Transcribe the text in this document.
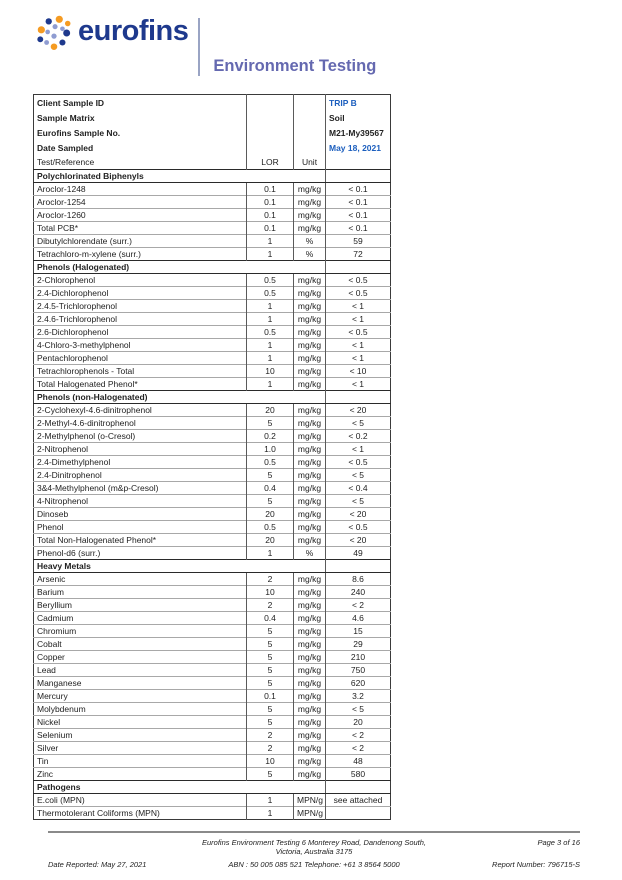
eurofins
Environment Testing
Client Sample ID			TRIP B
Sample Matrix			Soil
Eurofins Sample No.			M21-My39567
Date Sampled			May 18, 2021
Test/Reference	LOR	Unit	
Polychlorinated Biphenyls			
Aroclor-1248	0.1	mg/kg	< 0.1
Aroclor-1254	0.1	mg/kg	< 0.1
Aroclor-1260	0.1	mg/kg	< 0.1
Total PCB*	0.1	mg/kg	< 0.1
Dibutylchlorendate (surr.)	1	%	59
Tetrachloro-m-xylene (surr.)	1	%	72
Phenols (Halogenated)			
2-Chlorophenol	0.5	mg/kg	< 0.5
2.4-Dichlorophenol	0.5	mg/kg	< 0.5
2.4.5-Trichlorophenol	1	mg/kg	< 1
2.4.6-Trichlorophenol	1	mg/kg	< 1
2.6-Dichlorophenol	0.5	mg/kg	< 0.5
4-Chloro-3-methylphenol	1	mg/kg	< 1
Pentachlorophenol	1	mg/kg	< 1
Tetrachlorophenols - Total	10	mg/kg	< 10
Total Halogenated Phenol*	1	mg/kg	< 1
Phenols (non-Halogenated)			
2-Cyclohexyl-4.6-dinitrophenol	20	mg/kg	< 20
2-Methyl-4.6-dinitrophenol	5	mg/kg	< 5
2-Methylphenol (o-Cresol)	0.2	mg/kg	< 0.2
2-Nitrophenol	1.0	mg/kg	< 1
2.4-Dimethylphenol	0.5	mg/kg	< 0.5
2.4-Dinitrophenol	5	mg/kg	< 5
3&4-Methylphenol (m&p-Cresol)	0.4	mg/kg	< 0.4
4-Nitrophenol	5	mg/kg	< 5
Dinoseb	20	mg/kg	< 20
Phenol	0.5	mg/kg	< 0.5
Total Non-Halogenated Phenol*	20	mg/kg	< 20
Phenol-d6 (surr.)	1	%	49
Heavy Metals			
Arsenic	2	mg/kg	8.6
Barium	10	mg/kg	240
Beryllium	2	mg/kg	< 2
Cadmium	0.4	mg/kg	4.6
Chromium	5	mg/kg	15
Cobalt	5	mg/kg	29
Copper	5	mg/kg	210
Lead	5	mg/kg	750
Manganese	5	mg/kg	620
Mercury	0.1	mg/kg	3.2
Molybdenum	5	mg/kg	< 5
Nickel	5	mg/kg	20
Selenium	2	mg/kg	< 2
Silver	2	mg/kg	< 2
Tin	10	mg/kg	48
Zinc	5	mg/kg	580
Pathogens			
E.coli (MPN)	1	MPN/g	see attached
Thermotolerant Coliforms (MPN)	1	MPN/g	
Eurofins Environment Testing 6 Monterey Road, Dandenong South, Victoria, Australia 3175
Page 3 of 16
Date Reported: May 27, 2021	ABN : 50 005 085 521 Telephone: +61 3 8564 5000	Report Number: 796715-S
